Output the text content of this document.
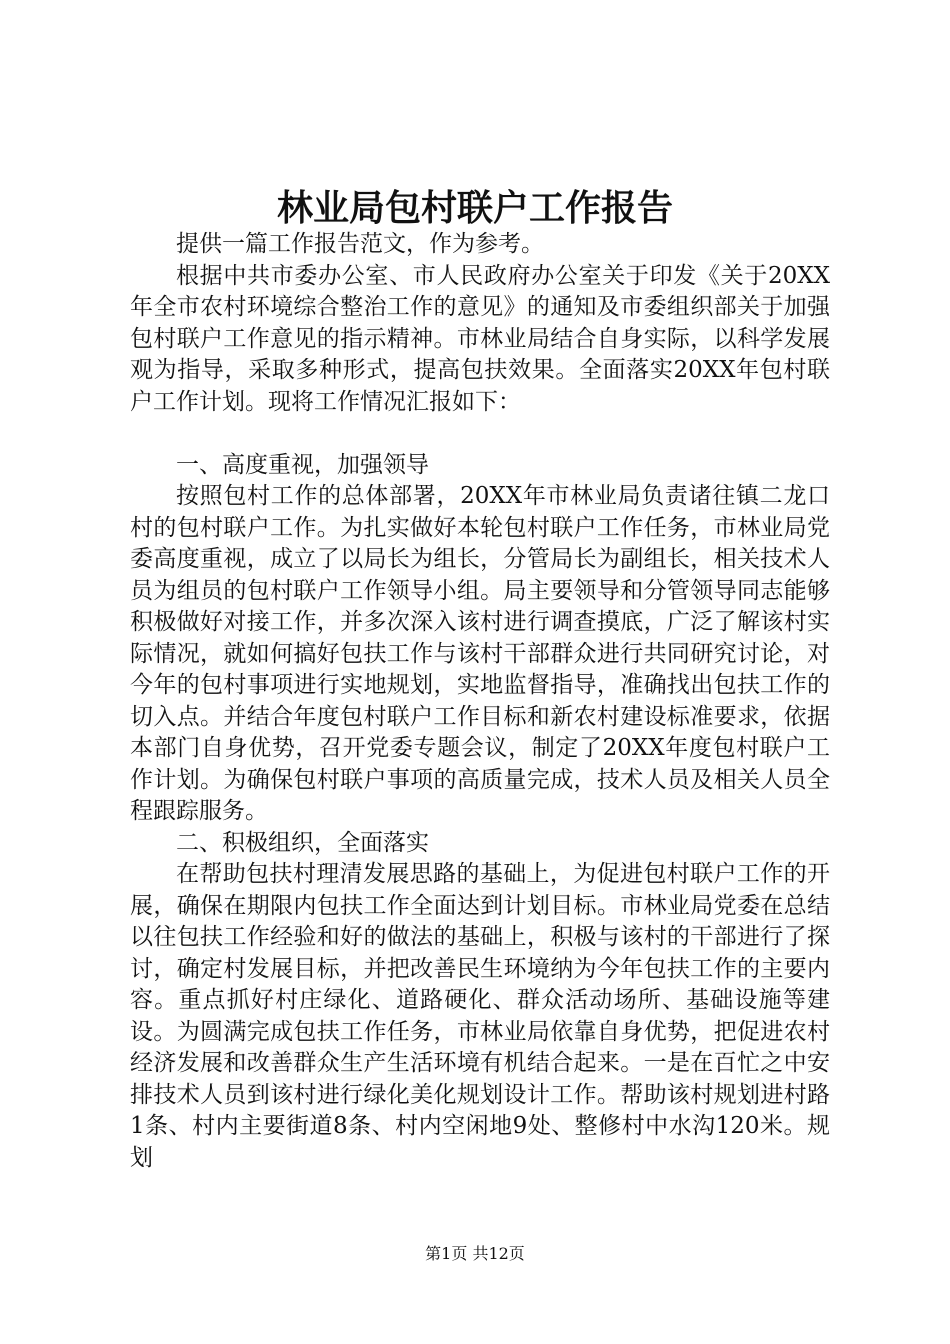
林业局包村联户工作报告

提供一篇工作报告范文，作为参考。

根据中共市委办公室、市人民政府办公室关于印发《关于20XX年全市农村环境综合整治工作的意见》的通知及市委组织部关于加强包村联户工作意见的指示精神。市林业局结合自身实际，以科学发展观为指导，采取多种形式，提高包扶效果。全面落实20XX年包村联户工作计划。现将工作情况汇报如下：

一、高度重视，加强领导

按照包村工作的总体部署，20XX年市林业局负责诸往镇二龙口村的包村联户工作。为扎实做好本轮包村联户工作任务，市林业局党委高度重视，成立了以局长为组长，分管局长为副组长，相关技术人员为组员的包村联户工作领导小组。局主要领导和分管领导同志能够积极做好对接工作，并多次深入该村进行调查摸底，广泛了解该村实际情况，就如何搞好包扶工作与该村干部群众进行共同研究讨论，对今年的包村事项进行实地规划，实地监督指导，准确找出包扶工作的切入点。并结合年度包村联户工作目标和新农村建设标准要求，依据本部门自身优势，召开党委专题会议，制定了20XX年度包村联户工作计划。为确保包村联户事项的高质量完成，技术人员及相关人员全程跟踪服务。

二、积极组织，全面落实

在帮助包扶村理清发展思路的基础上，为促进包村联户工作的开展，确保在期限内包扶工作全面达到计划目标。市林业局党委在总结以往包扶工作经验和好的做法的基础上，积极与该村的干部进行了探讨，确定村发展目标，并把改善民生环境纳为今年包扶工作的主要内容。重点抓好村庄绿化、道路硬化、群众活动场所、基础设施等建设。为圆满完成包扶工作任务，市林业局依靠自身优势，把促进农村经济发展和改善群众生产生活环境有机结合起来。一是在百忙之中安排技术人员到该村进行绿化美化规划设计工作。帮助该村规划进村路1条、村内主要街道8条、村内空闲地9处、整修村中水沟120米。规划

第1页 共12页
